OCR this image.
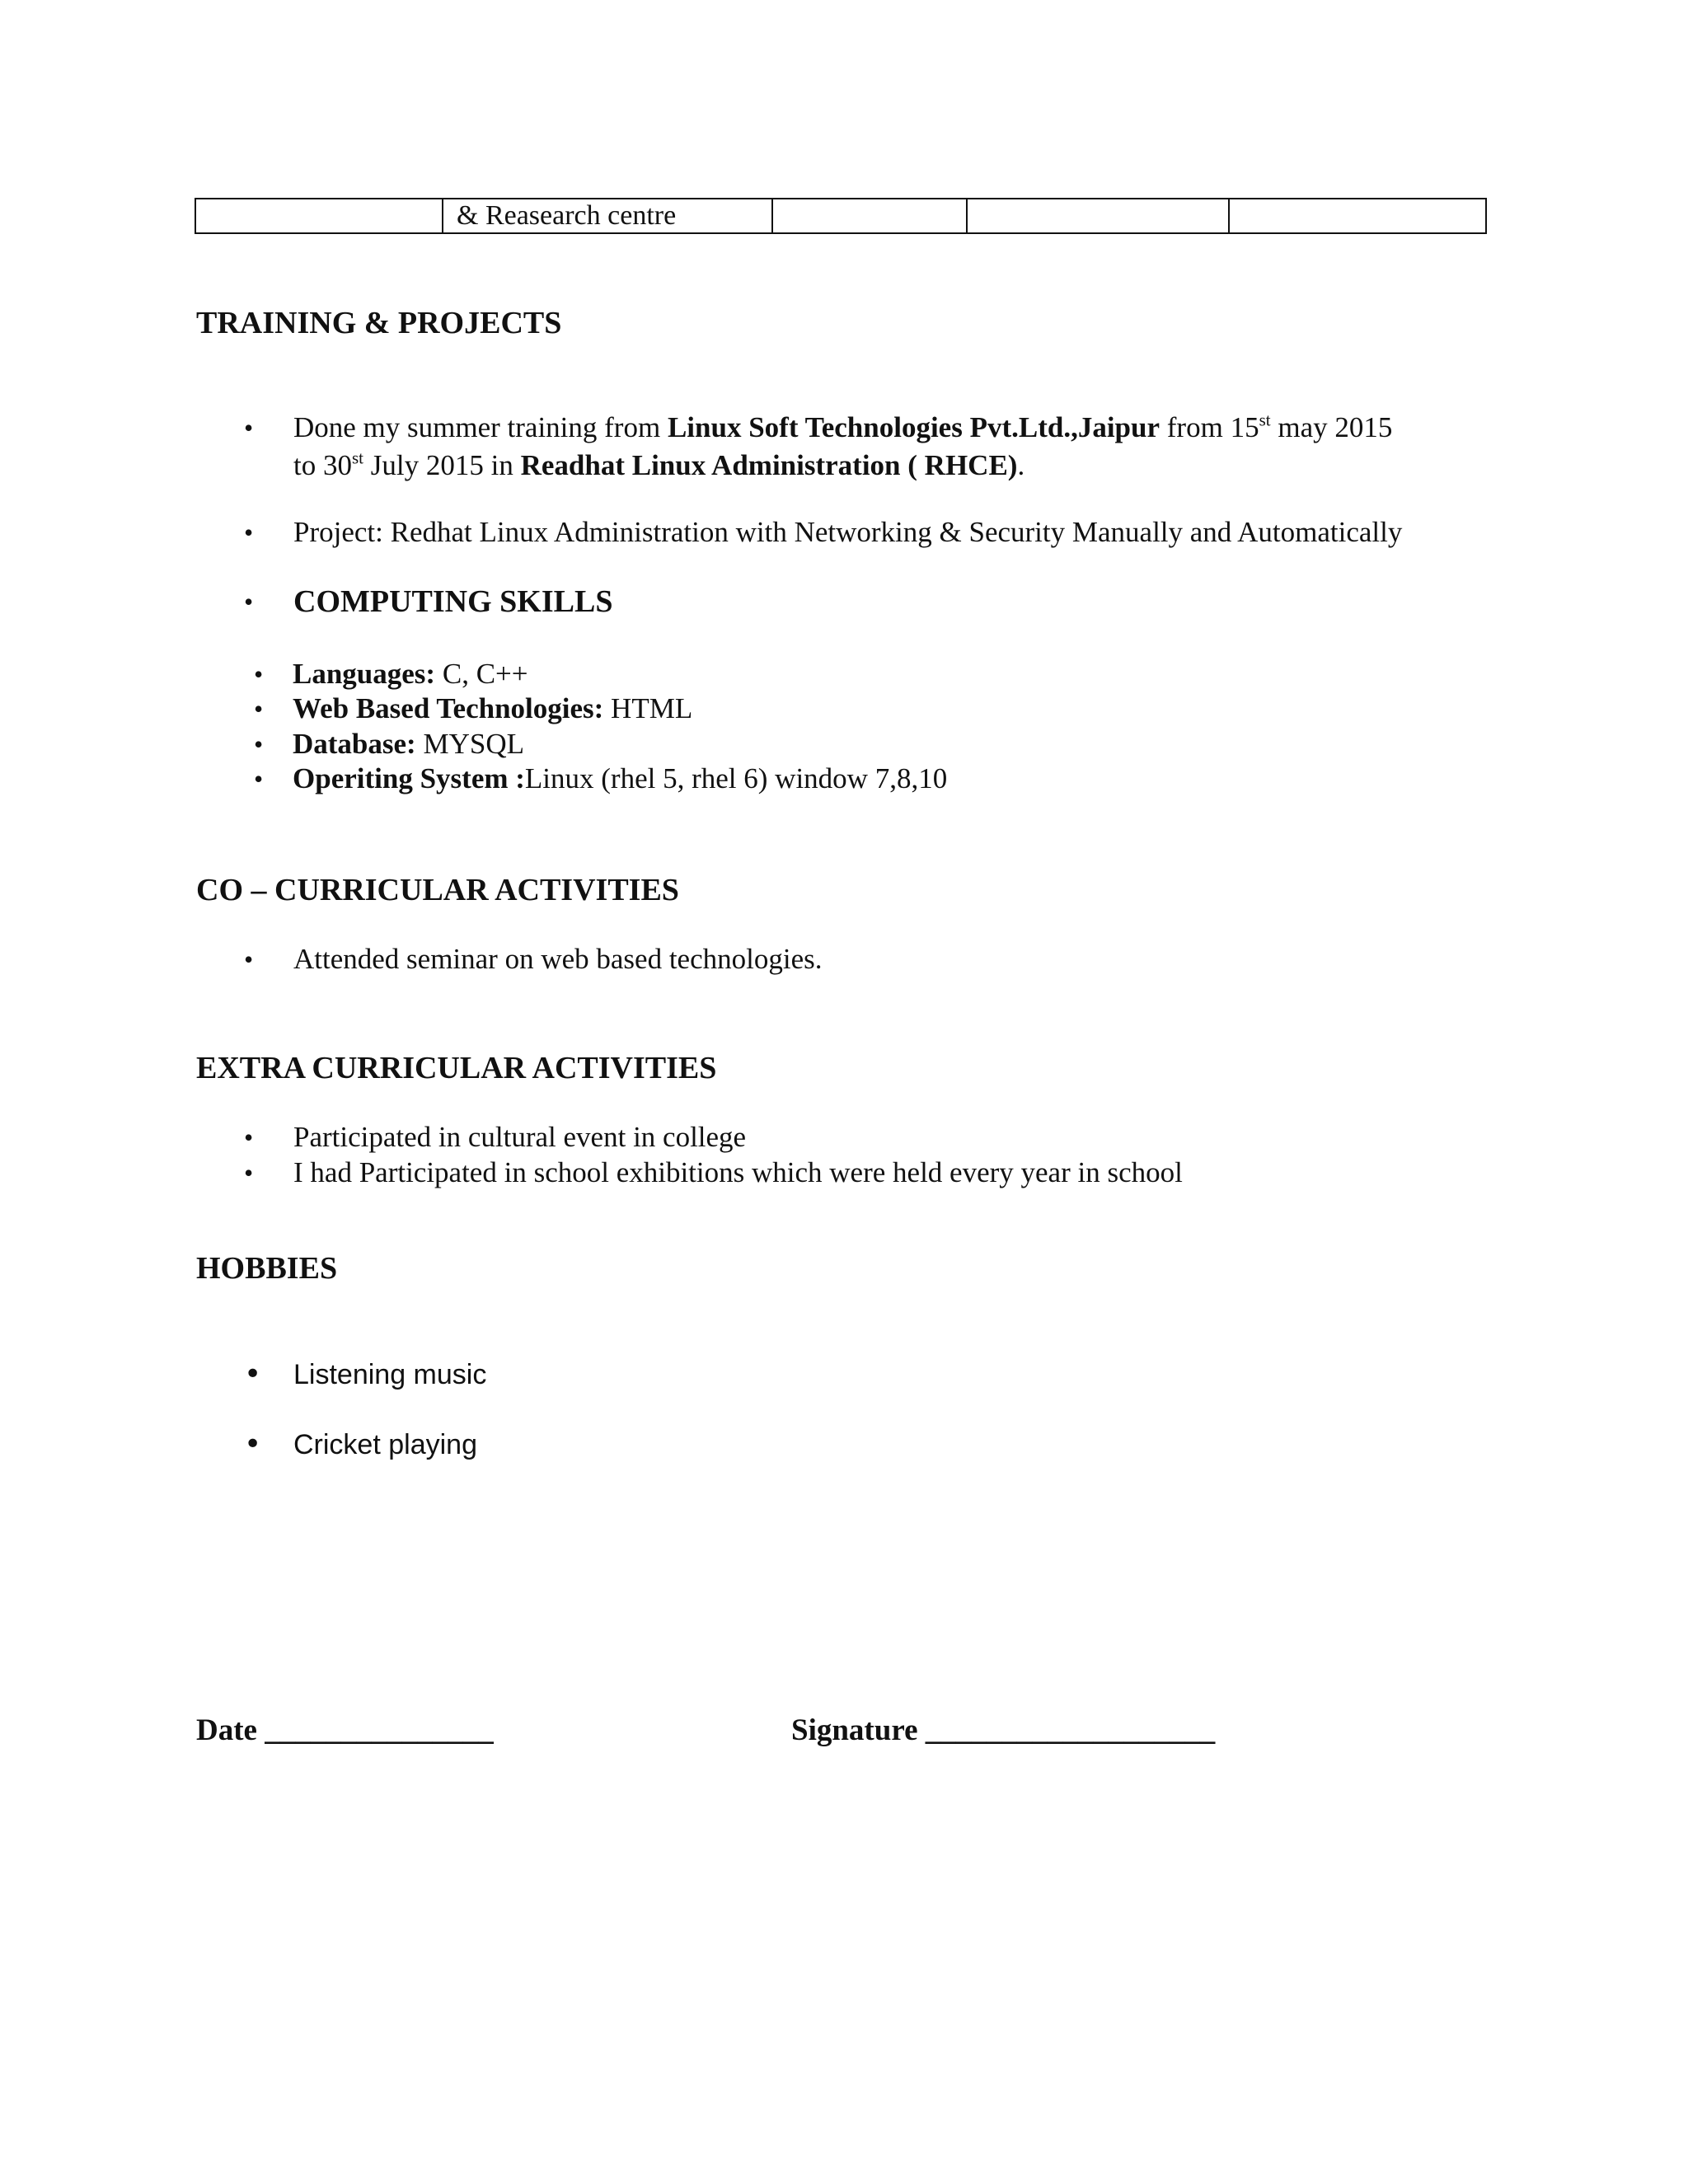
	& Reasearch centre			
TRAINING & PROJECTS
• Done my summer training from Linux Soft Technologies Pvt.Ltd.,Jaipur from 15st may 2015
to 30st July 2015 in Readhat Linux Administration ( RHCE).
• Project: Redhat Linux Administration with Networking & Security Manually and Automatically
• COMPUTING SKILLS
• Languages: C, C++
• Web Based Technologies: HTML
• Database: MYSQL
• Operiting System :Linux (rhel 5, rhel 6) window 7,8,10
CO – CURRICULAR ACTIVITIES
• Attended seminar on web based technologies.
EXTRA CURRICULAR ACTIVITIES
• Participated in cultural event in college
• I had Participated in school exhibitions which were held every year in school
HOBBIES
• Listening music
• Cricket playing
Date _______________	Signature ___________________
